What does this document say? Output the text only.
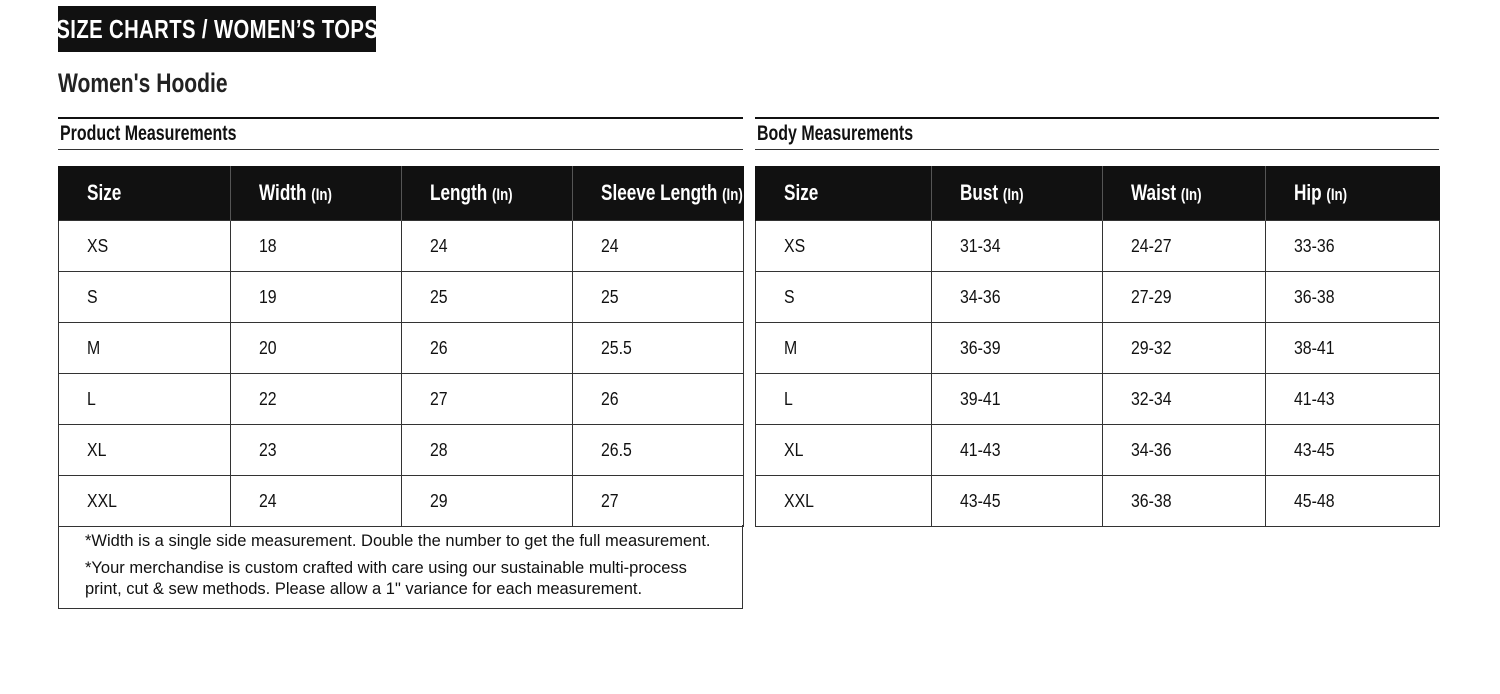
SIZE CHARTS / WOMEN’S TOPS
Women's Hoodie
Product Measurements	Body Measurements
Size	Width (In)	Length (In)	Sleeve Length (In)
XS	18	24	24
S	19	25	25
M	20	26	25.5
L	22	27	26
XL	23	28	26.5
XXL	24	29	27

*Width is a single side measurement. Double the number to get the full measurement.

*Your merchandise is custom crafted with care using our sustainable multi-process print, cut & sew methods. Please allow a 1" variance for each measurement.

Size	Bust (In)	Waist (In)	Hip (In)
XS	31-34	24-27	33-36
S	34-36	27-29	36-38
M	36-39	29-32	38-41
L	39-41	32-34	41-43
XL	41-43	34-36	43-45
XXL	43-45	36-38	45-48
